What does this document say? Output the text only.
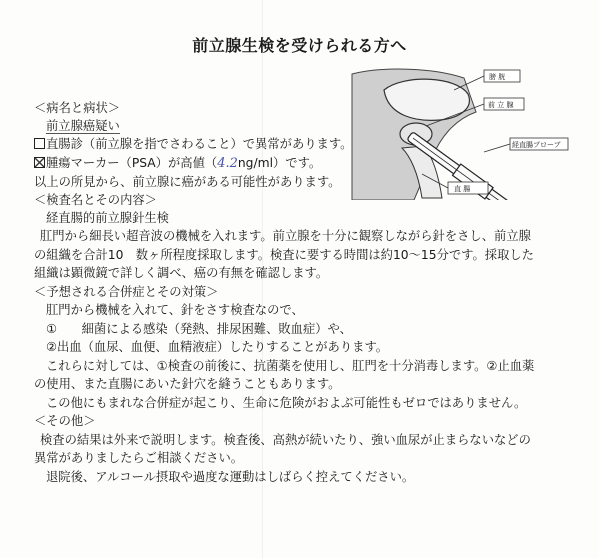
前立腺生検を受けられる方へ
膀 胱
前 立 腺
経直腸プローブ
直 腸
＜病名と病状＞
前立腺癌疑い
直腸診（前立腺を指でさわること）で異常があります。
腫瘍マーカー（PSA）が高値（4.2ng/ml）です。
以上の所見から、前立腺に癌がある可能性があります。
＜検査名とその内容＞
経直腸的前立腺針生検
肛門から細長い超音波の機械を入れます。前立腺を十分に観察しながら針をさし、前立腺
の組織を合計10　数ヶ所程度採取します。検査に要する時間は約10～15分です。採取した
組織は顕微鏡で詳しく調べ、癌の有無を確認します。
＜予想される合併症とその対策＞
肛門から機械を入れて、針をさす検査なので、
①　　細菌による感染（発熱、排尿困難、敗血症）や、
②出血（血尿、血便、血精液症）したりすることがあります。
これらに対しては、①検査の前後に、抗菌薬を使用し、肛門を十分消毒します。②止血薬
の使用、また直腸にあいた針穴を縫うこともあります。
この他にもまれな合併症が起こり、生命に危険がおよぶ可能性もゼロではありません。
＜その他＞
検査の結果は外来で説明します。検査後、高熱が続いたり、強い血尿が止まらないなどの
異常がありましたらご相談ください。
退院後、アルコール摂取や過度な運動はしばらく控えてください。
